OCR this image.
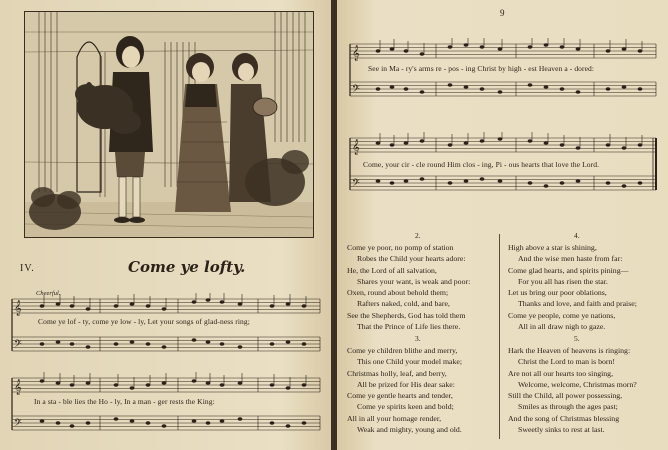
IV.	Come ye lofty.
Cheerful.
𝄞
𝄢
Come ye lof - ty, come ye low - ly, Let your songs of glad-ness ring;
𝄞
𝄢
In a sta - ble lies the Ho - ly, In a man - ger rests the King:
9
𝄞
𝄢
See in Ma - ry's arms re - pos - ing Christ by high - est Heaven a - dored:
𝄞
𝄢
Come, your cir - cle round Him clos - ing, Pi - ous hearts that love the Lord.
2.
Come ye poor, no pomp of station
Robes the Child your hearts adore:
He, the Lord of all salvation,
Shares your want, is weak and poor:
Oxen, round about behold them;
Rafters naked, cold, and bare,
See the Shepherds, God has told them
That the Prince of Life lies there.
4.
High above a star is shining,
And the wise men haste from far:
Come glad hearts, and spirits pining—
For you all has risen the star.
Let us bring our poor oblations,
Thanks and love, and faith and praise;
Come ye people, come ye nations,
All in all draw nigh to gaze.
3.
Come ye children blithe and merry,
This one Child your model make;
Christmas holly, leaf, and berry,
All be prized for His dear sake:
Come ye gentle hearts and tender,
Come ye spirits keen and bold;
All in all your homage render,
Weak and mighty, young and old.
5.
Hark the Heaven of heavens is ringing:
Christ the Lord to man is born!
Are not all our hearts too singing,
Welcome, welcome, Christmas morn?
Still the Child, all power possessing,
Smiles as through the ages past;
And the song of Christmas blessing
Sweetly sinks to rest at last.
